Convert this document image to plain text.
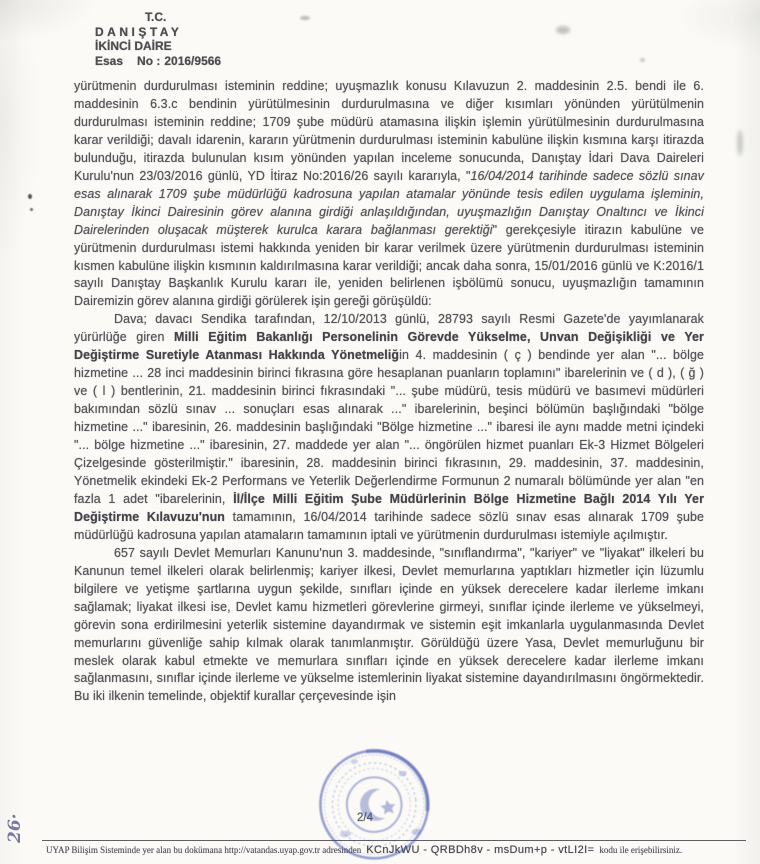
T.C.
DANIŞTAY
İKİNCİ DAİRE
Esas No : 2016/9566

yürütmenin durdurulması isteminin reddine; uyuşmazlık konusu Kılavuzun 2. maddesinin 2.5. bendi ile 6. maddesinin 6.3.c bendinin yürütülmesinin durdurulmasına ve diğer kısımları yönünden yürütülmenin durdurulması isteminin reddine; 1709 şube müdürü atamasına ilişkin işlemin yürütülmesinin durdurulmasına karar verildiği; davalı idarenin, kararın yürütmenin durdurulması isteminin kabulüne ilişkin kısmına karşı itirazda bulunduğu, itirazda bulunulan kısım yönünden yapılan inceleme sonucunda, Danıştay İdari Dava Daireleri Kurulu'nun 23/03/2016 günlü, YD İtiraz No:2016/26 sayılı kararıyla, "16/04/2014 tarihinde sadece sözlü sınav esas alınarak 1709 şube müdürlüğü kadrosuna yapılan atamalar yönünde tesis edilen uygulama işleminin, Danıştay İkinci Dairesinin görev alanına girdiği anlaşıldığından, uyuşmazlığın Danıştay Onaltıncı ve İkinci Dairelerinden oluşacak müşterek kurulca karara bağlanması gerektiği" gerekçesiyle itirazın kabulüne ve yürütmenin durdurulması istemi hakkında yeniden bir karar verilmek üzere yürütmenin durdurulması isteminin kısmen kabulüne ilişkin kısmının kaldırılmasına karar verildiği; ancak daha sonra, 15/01/2016 günlü ve K:2016/1 sayılı Danıştay Başkanlık Kurulu kararı ile, yeniden belirlenen işbölümü sonucu, uyuşmazlığın tamamının Dairemizin görev alanına girdiği görülerek işin gereği görüşüldü:

Dava; davacı Sendika tarafından, 12/10/2013 günlü, 28793 sayılı Resmi Gazete'de yayımlanarak yürürlüğe giren Milli Eğitim Bakanlığı Personelinin Görevde Yükselme, Unvan Değişikliği ve Yer Değiştirme Suretiyle Atanması Hakkında Yönetmeliğin 4. maddesinin ( ç ) bendinde yer alan "... bölge hizmetine ... 28 inci maddesinin birinci fıkrasına göre hesaplanan puanların toplamını" ibarelerinin ve ( d ), ( ğ ) ve ( l ) bentlerinin, 21. maddesinin birinci fıkrasındaki "... şube müdürü, tesis müdürü ve basımevi müdürleri bakımından sözlü sınav ... sonuçları esas alınarak ..." ibarelerinin, beşinci bölümün başlığındaki "bölge hizmetine ..." ibaresinin, 26. maddesinin başlığındaki "Bölge hizmetine ..." ibaresi ile aynı madde metni içindeki "... bölge hizmetine ..." ibaresinin, 27. maddede yer alan "... öngörülen hizmet puanları Ek-3 Hizmet Bölgeleri Çizelgesinde gösterilmiştir." ibaresinin, 28. maddesinin birinci fıkrasının, 29. maddesinin, 37. maddesinin, Yönetmelik ekindeki Ek-2 Performans ve Yeterlik Değerlendirme Formunun 2 numaralı bölümünde yer alan "en fazla 1 adet "ibarelerinin, İl/İlçe Milli Eğitim Şube Müdürlerinin Bölge Hizmetine Bağlı 2014 Yılı Yer Değiştirme Kılavuzu'nun tamamının, 16/04/2014 tarihinde sadece sözlü sınav esas alınarak 1709 şube müdürlüğü kadrosuna yapılan atamaların tamamının iptali ve yürütmenin durdurulması istemiyle açılmıştır.

657 sayılı Devlet Memurları Kanunu'nun 3. maddesinde, "sınıflandırma", "kariyer" ve "liyakat" ilkeleri bu Kanunun temel ilkeleri olarak belirlenmiş; kariyer ilkesi, Devlet memurlarına yaptıkları hizmetler için lüzumlu bilgilere ve yetişme şartlarına uygun şekilde, sınıfları içinde en yüksek derecelere kadar ilerleme imkanı sağlamak; liyakat ilkesi ise, Devlet kamu hizmetleri görevlerine girmeyi, sınıflar içinde ilerleme ve yükselmeyi, görevin sona erdirilmesini yeterlik sistemine dayandırmak ve sistemin eşit imkanlarla uygulanmasında Devlet memurlarını güvenliğe sahip kılmak olarak tanımlanmıştır. Görüldüğü üzere Yasa, Devlet memurluğunu bir meslek olarak kabul etmekte ve memurlara sınıfları içinde en yüksek derecelere kadar ilerleme imkanı sağlanmasını, sınıflar içinde ilerleme ve yükselme istemlerinin liyakat sistemine dayandırılmasını öngörmektedir. Bu iki ilkenin temelinde, objektif kurallar çerçevesinde işin

2/4
26·
UYAP Bilişim Sisteminde yer alan bu dokümana http://vatandas.uyap.gov.tr adresinden KCnJkWU - QRBDh8v - msDum+p - vtLI2I= kodu ile erişebilirsiniz.
